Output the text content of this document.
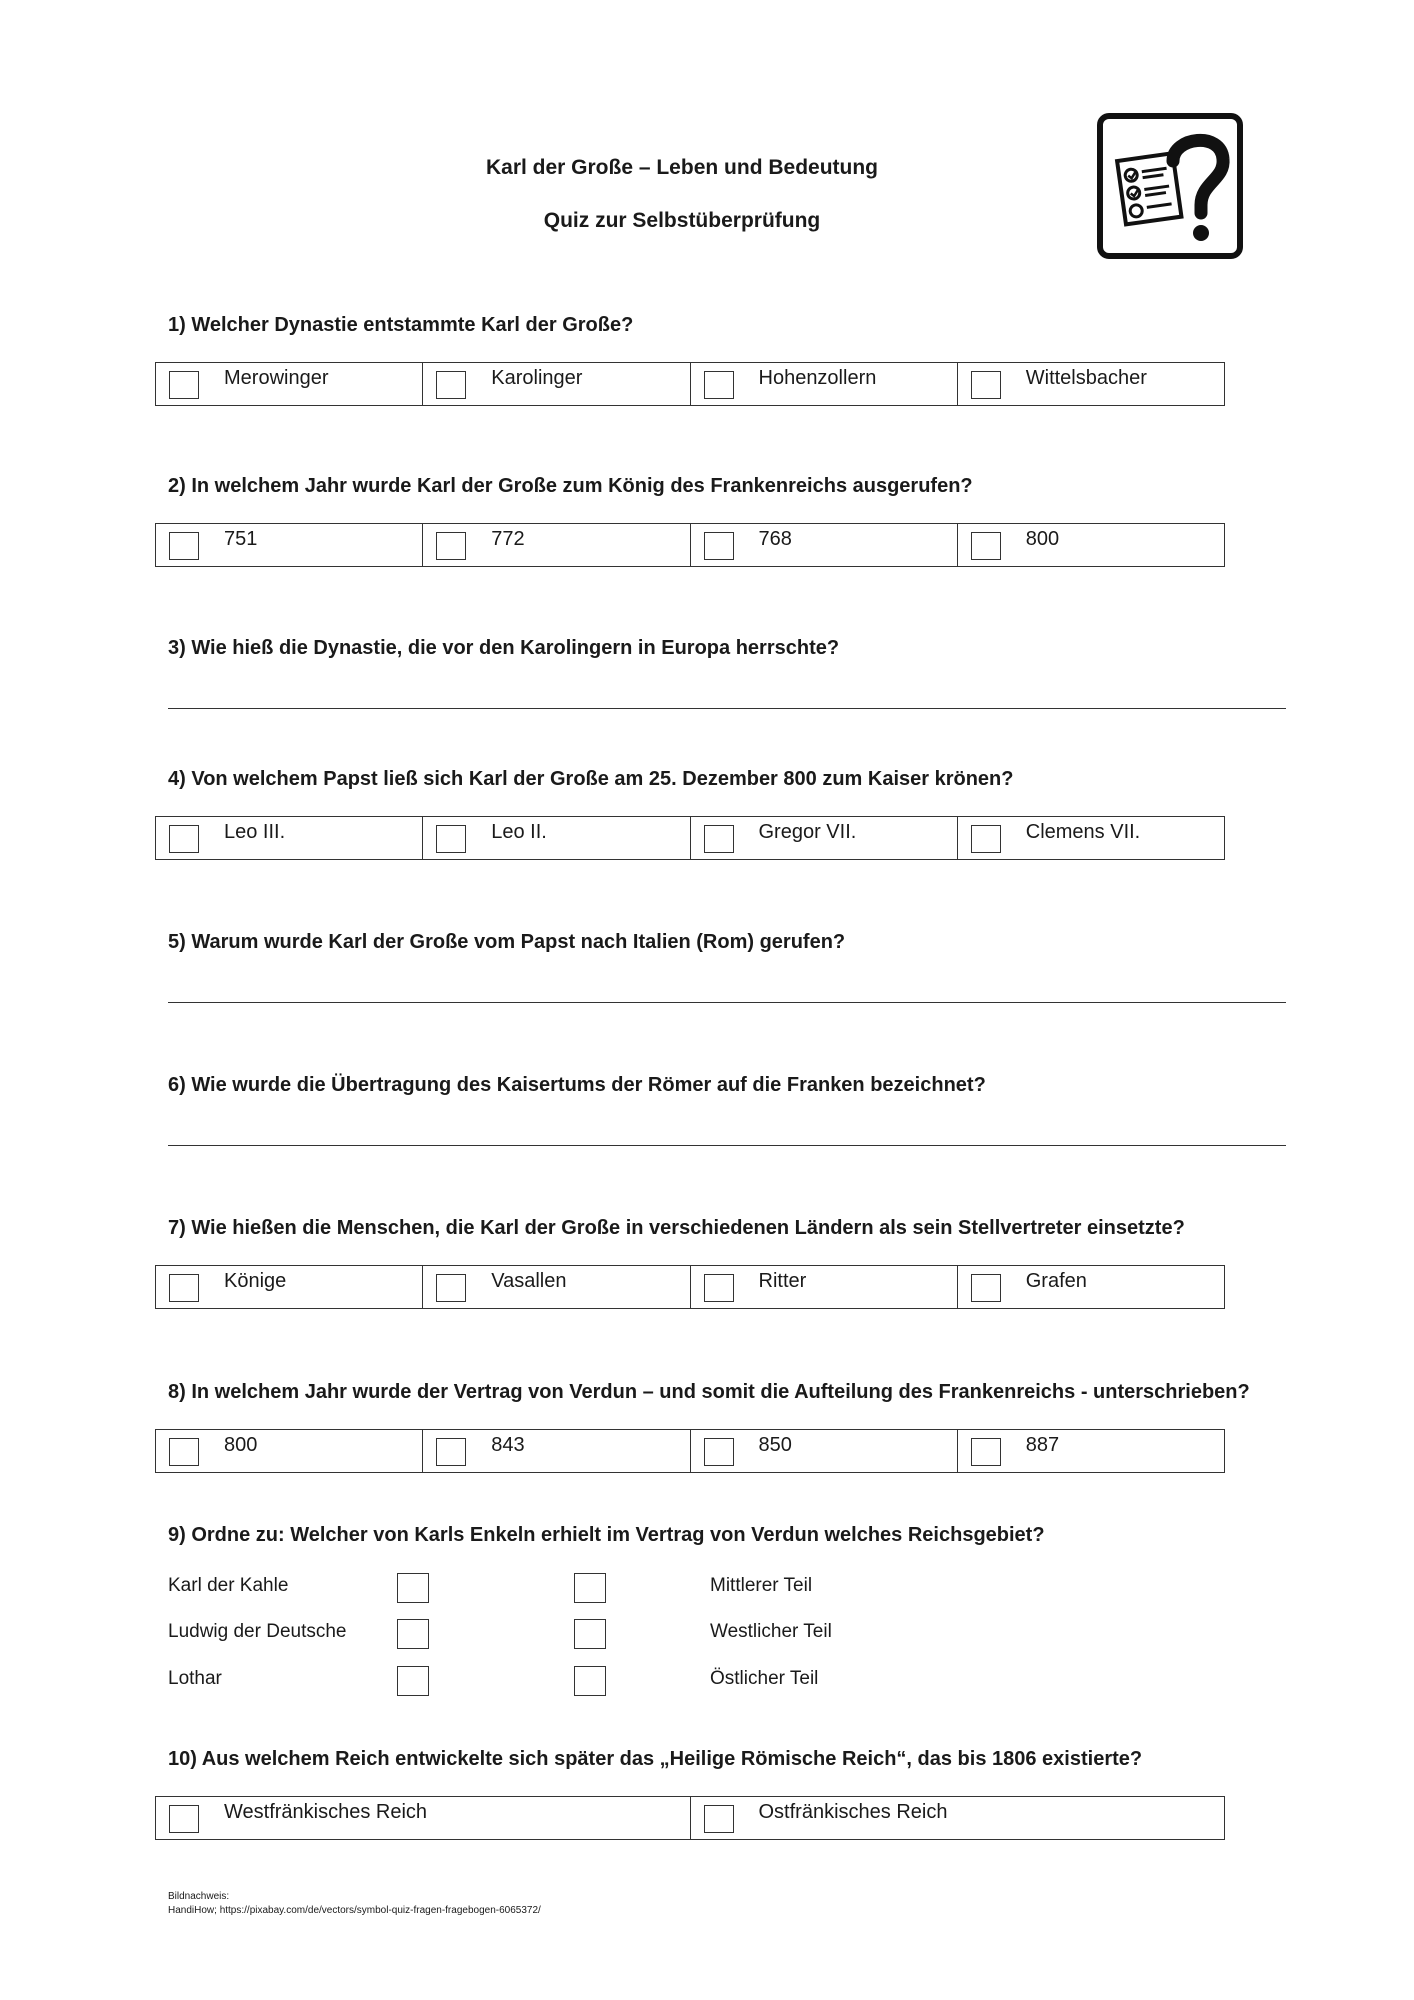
Karl der Große – Leben und Bedeutung
Quiz zur Selbstüberprüfung
1) Welcher Dynastie entstammte Karl der Große?
Merowinger	Karolinger	Hohenzollern	Wittelsbacher
2) In welchem Jahr wurde Karl der Große zum König des Frankenreichs ausgerufen?
751	772	768	800
3) Wie hieß die Dynastie, die vor den Karolingern in Europa herrschte?
4) Von welchem Papst ließ sich Karl der Große am 25. Dezember 800 zum Kaiser krönen?
Leo III.	Leo II.	Gregor VII.	Clemens VII.
5) Warum wurde Karl der Große vom Papst nach Italien (Rom) gerufen?
6) Wie wurde die Übertragung des Kaisertums der Römer auf die Franken bezeichnet?
7) Wie hießen die Menschen, die Karl der Große in verschiedenen Ländern als sein Stellvertreter einsetzte?
Könige	Vasallen	Ritter	Grafen
8) In welchem Jahr wurde der Vertrag von Verdun – und somit die Aufteilung des Frankenreichs - unterschrieben?
800	843	850	887
9) Ordne zu: Welcher von Karls Enkeln erhielt im Vertrag von Verdun welches Reichsgebiet?
Karl der Kahle	Mittlerer Teil
Ludwig der Deutsche	Westlicher Teil
Lothar	Östlicher Teil
10) Aus welchem Reich entwickelte sich später das „Heilige Römische Reich“, das bis 1806 existierte?
Westfränkisches Reich	Ostfränkisches Reich
Bildnachweis:
HandiHow; https://pixabay.com/de/vectors/symbol-quiz-fragen-fragebogen-6065372/
